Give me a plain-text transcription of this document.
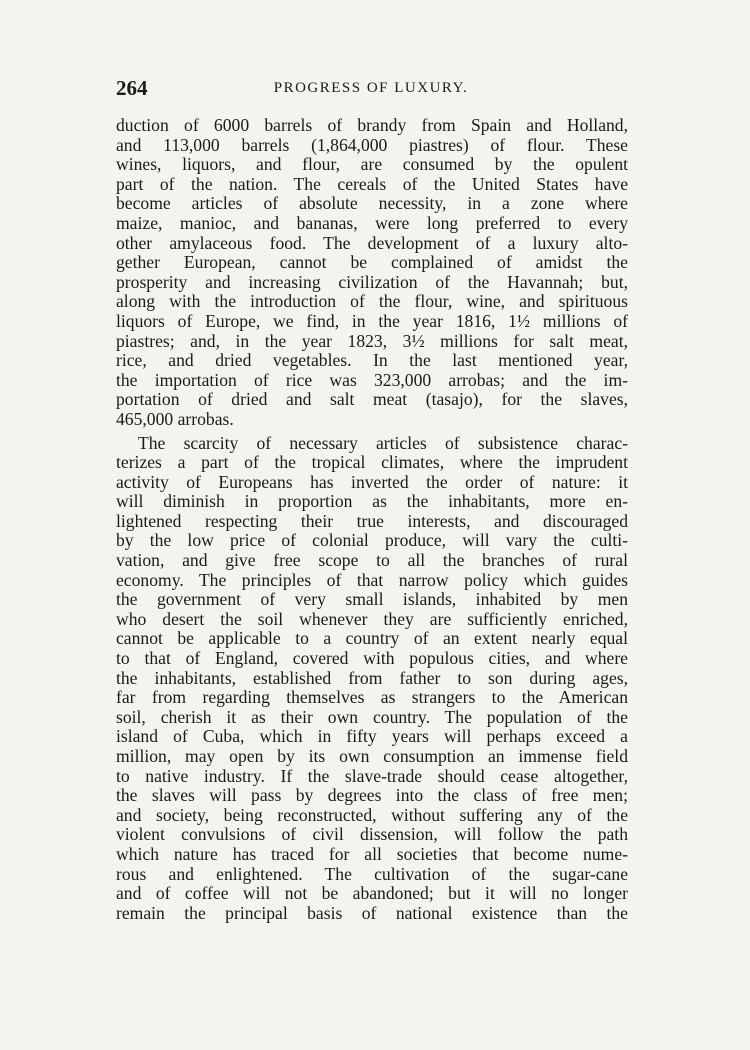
264	PROGRESS OF LUXURY.
duction of 6000 barrels of brandy from Spain and Holland,
and 113,000 barrels (1,864,000 piastres) of flour. These
wines, liquors, and flour, are consumed by the opulent
part of the nation. The cereals of the United States have
become articles of absolute necessity, in a zone where
maize, manioc, and bananas, were long preferred to every
other amylaceous food. The development of a luxury alto-
gether European, cannot be complained of amidst the
prosperity and increasing civilization of the Havannah; but,
along with the introduction of the flour, wine, and spirituous
liquors of Europe, we find, in the year 1816, 1½ millions of
piastres; and, in the year 1823, 3½ millions for salt meat,
rice, and dried vegetables. In the last mentioned year,
the importation of rice was 323,000 arrobas; and the im-
portation of dried and salt meat (tasajo), for the slaves,
465,000 arrobas.
The scarcity of necessary articles of subsistence charac-
terizes a part of the tropical climates, where the imprudent
activity of Europeans has inverted the order of nature: it
will diminish in proportion as the inhabitants, more en-
lightened respecting their true interests, and discouraged
by the low price of colonial produce, will vary the culti-
vation, and give free scope to all the branches of rural
economy. The principles of that narrow policy which guides
the government of very small islands, inhabited by men
who desert the soil whenever they are sufficiently enriched,
cannot be applicable to a country of an extent nearly equal
to that of England, covered with populous cities, and where
the inhabitants, established from father to son during ages,
far from regarding themselves as strangers to the American
soil, cherish it as their own country. The population of the
island of Cuba, which in fifty years will perhaps exceed a
million, may open by its own consumption an immense field
to native industry. If the slave-trade should cease altogether,
the slaves will pass by degrees into the class of free men;
and society, being reconstructed, without suffering any of the
violent convulsions of civil dissension, will follow the path
which nature has traced for all societies that become nume-
rous and enlightened. The cultivation of the sugar-cane
and of coffee will not be abandoned; but it will no longer
remain the principal basis of national existence than the
